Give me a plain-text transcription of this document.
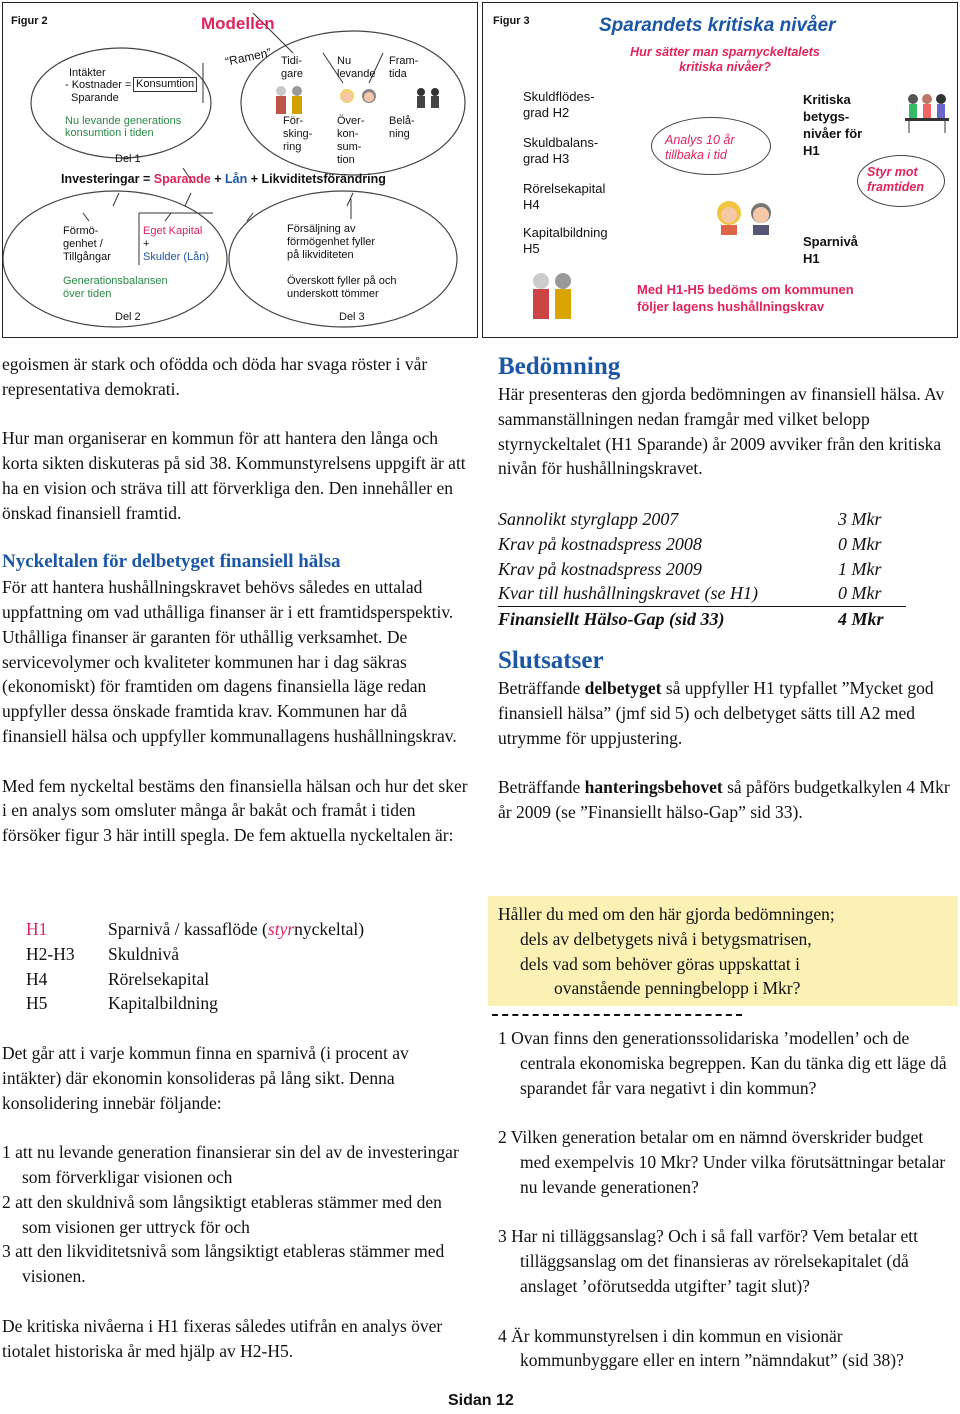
Figur 2	Modellen
“Ramen”
Intäkter
- Kostnader = Konsumtion
Sparande
Nu levande generations
konsumtion i tiden
Del 1
Tidi-
gare
Nu
levande
Fram-
tida
För-
sking-
ring
Över-
kon-
sum-
tion
Belå-
ning
Investeringar = Sparande + Lån + Likviditetsförändring
Förmö-
genhet /
Tillgångar
Eget Kapital
+
Skulder (Lån)
Försäljning av
förmögenhet fyller
på likviditeten
Generationsbalansen
över tiden
Överskott fyller på och
underskott tömmer
Del 2	Del 3
Figur 3	Sparandets kritiska nivåer
Hur sätter man sparnyckeltalets
kritiska nivåer?
Skuldflödes-
grad H2
Skuldbalans-
grad H3
Rörelsekapital
H4
Kapitalbildning
H5
Analys 10 år
tillbaka i tid
Kritiska
betygs-
nivåer för
H1
Styr mot
framtiden
Sparnivå
H1
Med H1-H5 bedöms om kommunen
följer lagens hushållningskrav

egoismen är stark och ofödda och döda har svaga röster i vår representativa demokrati.

Hur man organiserar en kommun för att hantera den långa och korta sikten diskuteras på sid 38. Kommunstyrelsens uppgift är att ha en vision och sträva till att förverkliga den. Den innehåller en önskad finansiell framtid.

Nyckeltalen för delbetyget finansiell hälsa

För att hantera hushållningskravet behövs således en uttalad uppfattning om vad uthålliga finanser är i ett framtidsperspektiv. Uthålliga finanser är garanten för uthållig verksamhet. De servicevolymer och kvaliteter kommunen har i dag säkras (ekonomiskt) för framtiden om dagens finansiella läge redan uppfyller dessa önskade framtida krav. Kommunen har då finansiell hälsa och uppfyller kommunallagens hushållningskrav.

Med fem nyckeltal bestäms den finansiella hälsan och hur det sker i en analys som omsluter många år bakåt och framåt i tiden försöker figur 3 här intill spegla. De fem aktuella nyckeltalen är:

H1	Sparnivå / kassaflöde (styrnyckeltal)
H2-H3 Skuldnivå
H4	Rörelsekapital
H5	Kapitalbildning

Det går att i varje kommun finna en sparnivå (i procent av intäkter) där ekonomin konsolideras på lång sikt. Denna konsolidering innebär följande:

1 att nu levande generation finansierar sin del av de investeringar som förverkligar visionen och

2 att den skuldnivå som långsiktigt etableras stämmer med den som visionen ger uttryck för och

3 att den likviditetsnivå som långsiktigt etableras stämmer med visionen.

De kritiska nivåerna i H1 fixeras således utifrån en analys över tiotalet historiska år med hjälp av H2-H5.

Bedömning

Här presenteras den gjorda bedömningen av finansiell hälsa. Av sammanställningen nedan framgår med vilket belopp styrnyckeltalet (H1 Sparande) år 2009 avviker från den kritiska nivån för hushållningskravet.

Sannolikt styrglapp 2007	3 Mkr
Krav på kostnadspress 2008	0 Mkr
Krav på kostnadspress 2009	1 Mkr
Kvar till hushållningskravet (se H1)	0 Mkr
Finansiellt Hälso-Gap (sid 33)	4 Mkr

Slutsatser

Beträffande delbetyget så uppfyller H1 typfallet ”Mycket god finansiell hälsa” (jmf sid 5) och delbetyget sätts till A2 med utrymme för uppjustering.

Beträffande hanteringsbehovet så påförs budgetkalkylen 4 Mkr år 2009 (se ”Finansiellt hälso-Gap” sid 33).

Håller du med om den här gjorda bedömningen;
dels av delbetygets nivå i betygsmatrisen,
dels vad som behöver göras uppskattat i
ovanstående penningbelopp i Mkr?

1 Ovan finns den generationssolidariska ’modellen’ och de centrala ekonomiska begreppen. Kan du tänka dig ett läge då sparandet får vara negativt i din kommun?

2 Vilken generation betalar om en nämnd överskrider budget med exempelvis 10 Mkr? Under vilka förutsättningar betalar nu levande generationen?

3 Har ni tilläggsanslag? Och i så fall varför? Vem betalar ett tilläggsanslag om det finansieras av rörelsekapitalet (då anslaget ’oförutsedda utgifter’ tagit slut)?

4 Är kommunstyrelsen i din kommun en visionär kommunbyggare eller en intern ”nämndakut” (sid 38)?

Sidan 12
